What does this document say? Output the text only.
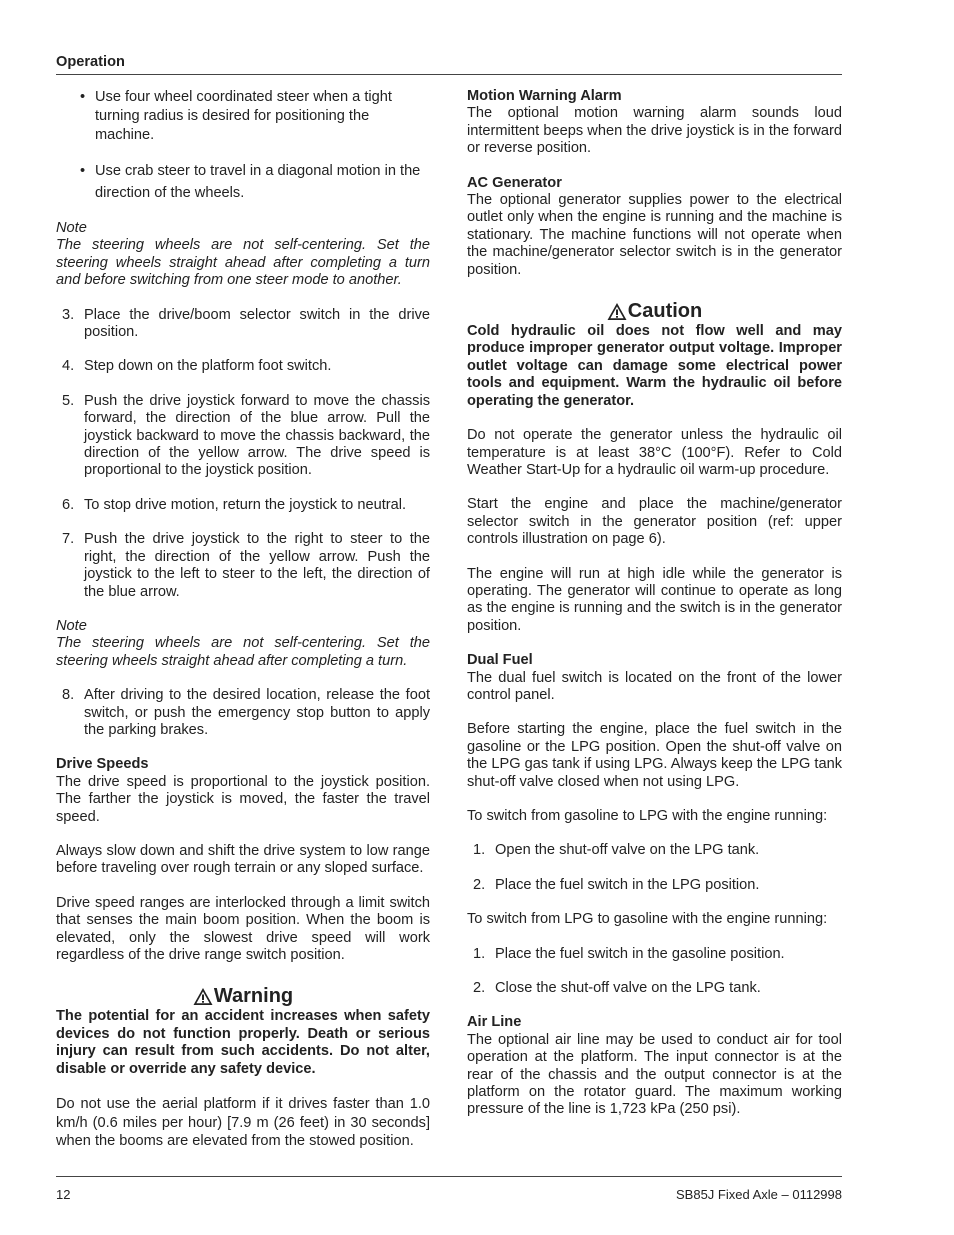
Operation
• Use four wheel coordinated steer when a tight turning radius is desired for positioning the machine.
• Use crab steer to travel in a diagonal motion in the direction of the wheels.

Note

The steering wheels are not self-centering. Set the steering wheels straight ahead after completing a turn and before switching from one steer mode to another.

3. Place the drive/boom selector switch in the drive position.
4. Step down on the platform foot switch.
5. Push the drive joystick forward to move the chassis forward, the direction of the blue arrow. Pull the joystick backward to move the chassis backward, the direction of the yellow arrow. The drive speed is proportional to the joystick position.
6. To stop drive motion, return the joystick to neutral.
7. Push the drive joystick to the right to steer to the right, the direction of the yellow arrow. Push the joystick to the left to steer to the left, the direction of the blue arrow.

Note

The steering wheels are not self-centering. Set the steering wheels straight ahead after completing a turn.

8. After driving to the desired location, release the foot switch, or push the emergency stop button to apply the parking brakes.

Drive Speeds

The drive speed is proportional to the joystick position. The farther the joystick is moved, the faster the travel speed.

Always slow down and shift the drive system to low range before traveling over rough terrain or any sloped surface.

Drive speed ranges are interlocked through a limit switch that senses the main boom position. When the boom is elevated, only the slowest drive speed will work regardless of the drive range switch position.

Warning

The potential for an accident increases when safety devices do not function properly. Death or serious injury can result from such accidents. Do not alter, disable or override any safety device.

Do not use the aerial platform if it drives faster than 1.0 km/h (0.6 miles per hour) [7.9 m (26 feet) in 30 seconds] when the booms are elevated from the stowed position.

Motion Warning Alarm

The optional motion warning alarm sounds loud intermittent beeps when the drive joystick is in the forward or reverse position.

AC Generator

The optional generator supplies power to the electrical outlet only when the engine is running and the machine is stationary. The machine functions will not operate when the machine/generator selector switch is in the generator position.

Caution

Cold hydraulic oil does not flow well and may produce improper generator output voltage. Improper outlet voltage can damage some electrical power tools and equipment. Warm the hydraulic oil before operating the generator.

Do not operate the generator unless the hydraulic oil temperature is at least 38°C (100°F). Refer to Cold Weather Start-Up for a hydraulic oil warm-up procedure.

Start the engine and place the machine/generator selector switch in the generator position (ref: upper controls illustration on page 6).

The engine will run at high idle while the generator is operating. The generator will continue to operate as long as the engine is running and the switch is in the generator position.

Dual Fuel

The dual fuel switch is located on the front of the lower control panel.

Before starting the engine, place the fuel switch in the gasoline or the LPG position. Open the shut-off valve on the LPG gas tank if using LPG. Always keep the LPG tank shut-off valve closed when not using LPG.

To switch from gasoline to LPG with the engine running:

1. Open the shut-off valve on the LPG tank.
2. Place the fuel switch in the LPG position.

To switch from LPG to gasoline with the engine running:

1. Place the fuel switch in the gasoline position.
2. Close the shut-off valve on the LPG tank.

Air Line

The optional air line may be used to conduct air for tool operation at the platform. The input connector is at the rear of the chassis and the output connector is at the platform on the rotator guard. The maximum working pressure of the line is 1,723 kPa (250 psi).

12	SB85J Fixed Axle – 0112998
